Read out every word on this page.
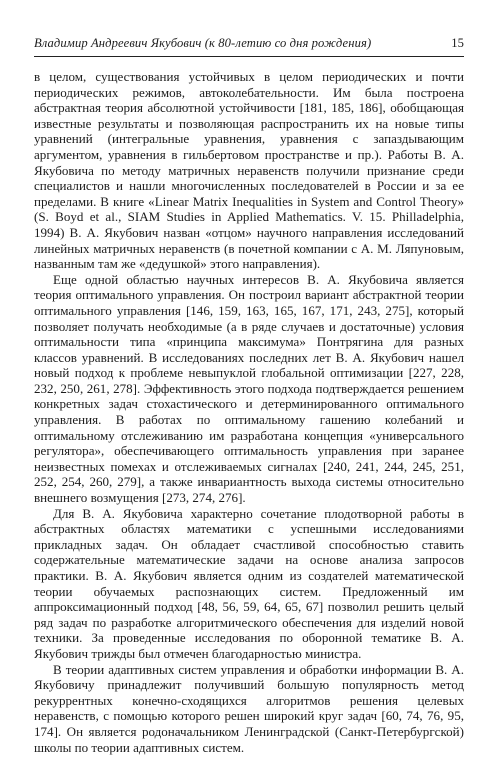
Владимир Андреевич Якубович (к 80-летию со дня рождения)	15

в целом, существования устойчивых в целом периодических и почти периодических режимов, автоколебательности. Им была построена абстрактная теория абсолютной устойчивости [181, 185, 186], обобщающая известные результаты и позволяющая распространить их на новые типы уравнений (интегральные уравнения, уравнения с запаздывающим аргументом, уравнения в гильбертовом пространстве и пр.). Работы В. А. Якубовича по методу матричных неравенств получили признание среди специалистов и нашли многочисленных последователей в России и за ее пределами. В книге «Linear Matrix Inequalities in System and Control Theory» (S. Boyd et al., SIAM Studies in Applied Mathematics. V. 15. Philladelphia, 1994) В. А. Якубович назван «отцом» научного направления исследований линейных матричных неравенств (в почетной компании с А. М. Ляпуновым, названным там же «дедушкой» этого направления).

Еще одной областью научных интересов В. А. Якубовича является теория оптимального управления. Он построил вариант абстрактной теории оптимального управления [146, 159, 163, 165, 167, 171, 243, 275], который позволяет получать необходимые (а в ряде случаев и достаточные) условия оптимальности типа «принципа максимума» Понтрягина для разных классов уравнений. В исследованиях последних лет В. А. Якубович нашел новый подход к проблеме невыпуклой глобальной оптимизации [227, 228, 232, 250, 261, 278]. Эффективность этого подхода подтверждается решением конкретных задач стохастического и детерминированного оптимального управления. В работах по оптимальному гашению колебаний и оптимальному отслеживанию им разработана концепция «универсального регулятора», обеспечивающего оптимальность управления при заранее неизвестных помехах и отслеживаемых сигналах [240, 241, 244, 245, 251, 252, 254, 260, 279], а также инвариантность выхода системы относительно внешнего возмущения [273, 274, 276].

Для В. А. Якубовича характерно сочетание плодотворной работы в абстрактных областях математики с успешными исследованиями прикладных задач. Он обладает счастливой способностью ставить содержательные математические задачи на основе анализа запросов практики. В. А. Якубович является одним из создателей математической теории обучаемых распознающих систем. Предложенный им аппроксимационный подход [48, 56, 59, 64, 65, 67] позволил решить целый ряд задач по разработке алгоритмического обеспечения для изделий новой техники. За проведенные исследования по оборонной тематике В. А. Якубович трижды был отмечен благодарностью министра.

В теории адаптивных систем управления и обработки информации В. А. Якубовичу принадлежит получивший большую популярность метод рекуррентных конечно-сходящихся алгоритмов решения целевых неравенств, с помощью которого решен широкий круг задач [60, 74, 76, 95, 174]. Он является родоначальником Ленинградской (Санкт-Петербургской) школы по теории адаптивных систем.
